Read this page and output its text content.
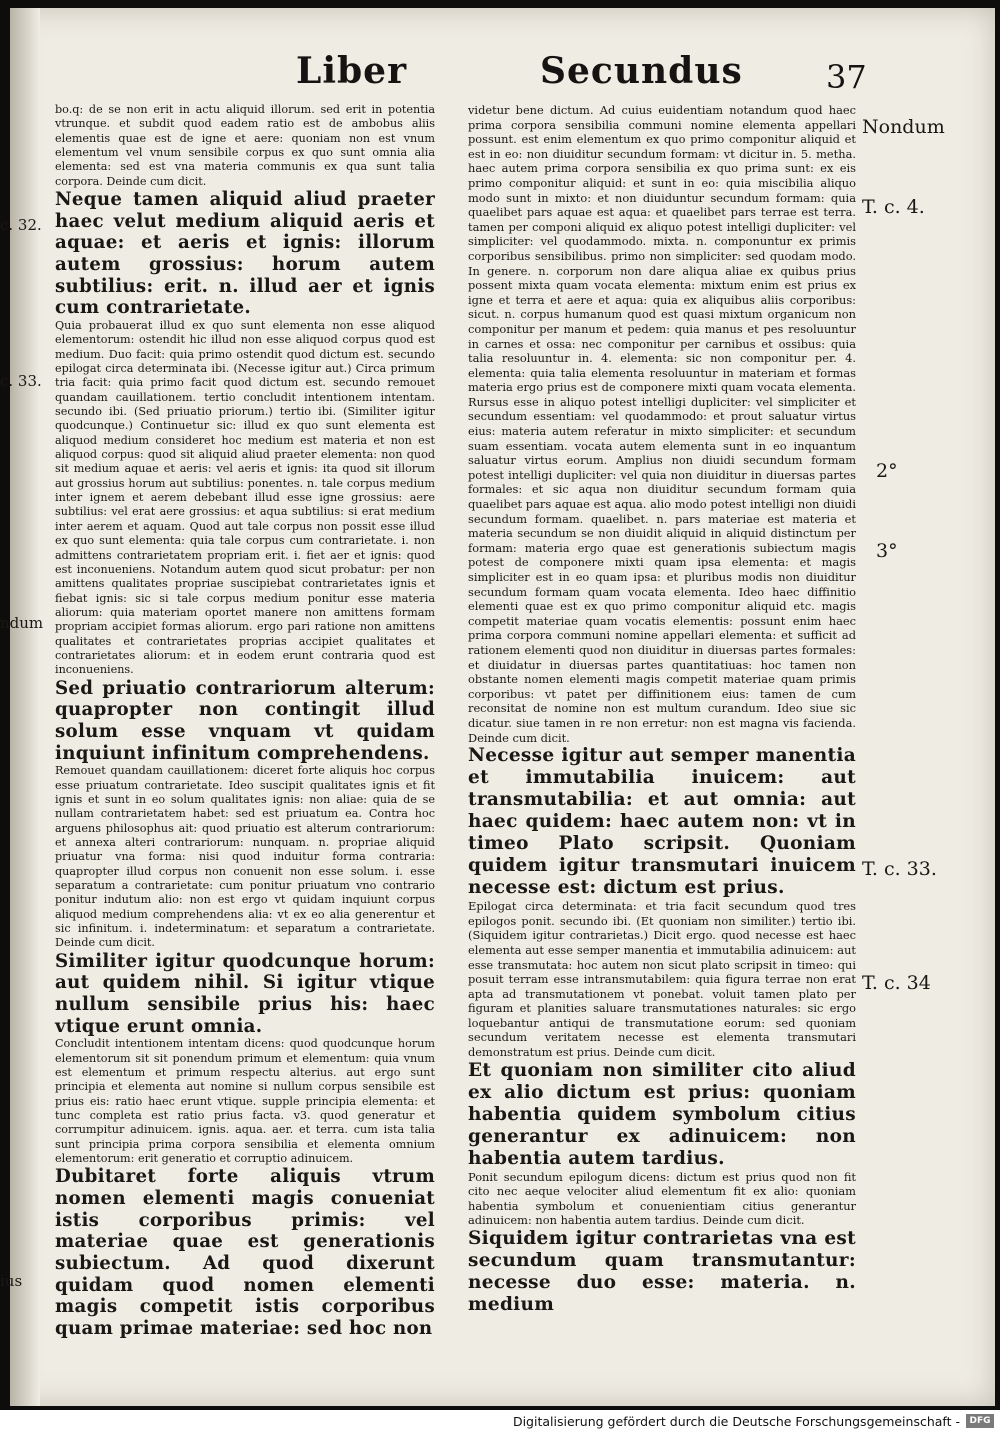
Liber	Secundus	37

bo.q: de se non erit in actu aliquid illorum. sed erit in potentia vtrunque. et subdit quod eadem ratio est de ambobus aliis elementis quae est de igne et aere: quoniam non est vnum elementum vel vnum sensibile corpus ex quo sunt omnia alia elementa: sed est vna materia communis ex qua sunt talia corpora. Deinde cum dicit.

Neque tamen aliquid aliud praeter haec velut medium aliquid aeris et aquae: et aeris et ignis: illorum autem grossius: horum autem subtilius: erit. n. illud aer et ignis cum contrarietate.

Quia probauerat illud ex quo sunt elementa non esse aliquod elementorum: ostendit hic illud non esse aliquod corpus quod est medium. Duo facit: quia primo ostendit quod dictum est. secundo epilogat circa determinata ibi. (Necesse igitur aut.) Circa primum tria facit: quia primo facit quod dictum est. secundo remouet quandam cauillationem. tertio concludit intentionem intentam. secundo ibi. (Sed priuatio priorum.) tertio ibi. (Similiter igitur quodcunque.) Continuetur sic: illud ex quo sunt elementa est aliquod medium consideret hoc medium est materia et non est aliquod corpus: quod sit aliquid aliud praeter elementa: non quod sit medium aquae et aeris: vel aeris et ignis: ita quod sit illorum aut grossius horum aut subtilius: ponentes. n. tale corpus medium inter ignem et aerem debebant illud esse igne grossius: aere subtilius: vel erat aere grossius: et aqua subtilius: si erat medium inter aerem et aquam. Quod aut tale corpus non possit esse illud ex quo sunt elementa: quia tale corpus cum contrarietate. i. non admittens contrarietatem propriam erit. i. fiet aer et ignis: quod est inconueniens. Notandum autem quod sicut probatur: per non amittens qualitates propriae suscipiebat contrarietates ignis et fiebat ignis: sic si tale corpus medium ponitur esse materia aliorum: quia materiam oportet manere non amittens formam propriam accipiet formas aliorum. ergo pari ratione non amittens qualitates et contrarietates proprias accipiet qualitates et contrarietates aliorum: et in eodem erunt contraria quod est inconueniens.

Sed priuatio contrariorum alterum: quapropter non contingit illud solum esse vnquam vt quidam inquiunt infinitum comprehendens.

Remouet quandam cauillationem: diceret forte aliquis hoc corpus esse priuatum contrarietate. Ideo suscipit qualitates ignis et fit ignis et sunt in eo solum qualitates ignis: non aliae: quia de se nullam contrarietatem habet: sed est priuatum ea. Contra hoc arguens philosophus ait: quod priuatio est alterum contrariorum: et annexa alteri contrariorum: nunquam. n. propriae aliquid priuatur vna forma: nisi quod induitur forma contraria: quapropter illud corpus non conuenit non esse solum. i. esse separatum a contrarietate: cum ponitur priuatum vno contrario ponitur indutum alio: non est ergo vt quidam inquiunt corpus aliquod medium comprehendens alia: vt ex eo alia generentur et sic infinitum. i. indeterminatum: et separatum a contrarietate. Deinde cum dicit.

Similiter igitur quodcunque horum: aut quidem nihil. Si igitur vtique nullum sensibile prius his: haec vtique erunt omnia.

Concludit intentionem intentam dicens: quod quodcunque horum elementorum sit sit ponendum primum et elementum: quia vnum est elementum et primum respectu alterius. aut ergo sunt principia et elementa aut nomine si nullum corpus sensibile est prius eis: ratio haec erunt vtique. supple principia elementa: et tunc completa est ratio prius facta. v3. quod generatur et corrumpitur adinuicem. ignis. aqua. aer. et terra. cum ista talia sunt principia prima corpora sensibilia et elementa omnium elementorum: erit generatio et corruptio adinuicem.

Dubitaret forte aliquis vtrum nomen elementi magis conueniat istis corporibus primis: vel materiae quae est generationis subiectum. Ad quod dixerunt quidam quod nomen elementi magis competit istis corporibus quam primae materiae: sed hoc non

videtur bene dictum. Ad cuius euidentiam notandum quod haec prima corpora sensibilia communi nomine elementa appellari possunt. est enim elementum ex quo primo componitur aliquid et est in eo: non diuiditur secundum formam: vt dicitur in. 5. metha. haec autem prima corpora sensibilia ex quo prima sunt: ex eis primo componitur aliquid: et sunt in eo: quia miscibilia aliquo modo sunt in mixto: et non diuiduntur secundum formam: quia quaelibet pars aquae est aqua: et quaelibet pars terrae est terra. tamen per componi aliquid ex aliquo potest intelligi dupliciter: vel simpliciter: vel quodammodo. mixta. n. componuntur ex primis corporibus sensibilibus. primo non simpliciter: sed quodam modo. In genere. n. corporum non dare aliqua aliae ex quibus prius possent mixta quam vocata elementa: mixtum enim est prius ex igne et terra et aere et aqua: quia ex aliquibus aliis corporibus: sicut. n. corpus humanum quod est quasi mixtum organicum non componitur per manum et pedem: quia manus et pes resoluuntur in carnes et ossa: nec componitur per carnibus et ossibus: quia talia resoluuntur in. 4. elementa: sic non componitur per. 4. elementa: quia talia elementa resoluuntur in materiam et formas materia ergo prius est de componere mixti quam vocata elementa. Rursus esse in aliquo potest intelligi dupliciter: vel simpliciter et secundum essentiam: vel quodammodo: et prout saluatur virtus eius: materia autem referatur in mixto simpliciter: et secundum suam essentiam. vocata autem elementa sunt in eo inquantum saluatur virtus eorum. Amplius non diuidi secundum formam potest intelligi dupliciter: vel quia non diuiditur in diuersas partes formales: et sic aqua non diuiditur secundum formam quia quaelibet pars aquae est aqua. alio modo potest intelligi non diuidi secundum formam. quaelibet. n. pars materiae est materia et materia secundum se non diuidit aliquid in aliquid distinctum per formam: materia ergo quae est generationis subiectum magis potest de componere mixti quam ipsa elementa: et magis simpliciter est in eo quam ipsa: et pluribus modis non diuiditur secundum formam quam vocata elementa. Ideo haec diffinitio elementi quae est ex quo primo componitur aliquid etc. magis competit materiae quam vocatis elementis: possunt enim haec prima corpora communi nomine appellari elementa: et sufficit ad rationem elementi quod non diuiditur in diuersas partes formales: et diuidatur in diuersas partes quantitatiuas: hoc tamen non obstante nomen elementi magis competit materiae quam primis corporibus: vt patet per diffinitionem eius: tamen de cum reconsitat de nomine non est multum curandum. Ideo siue sic dicatur. siue tamen in re non erretur: non est magna vis facienda. Deinde cum dicit.

Necesse igitur aut semper manentia et immutabilia inuicem: aut transmutabilia: et aut omnia: aut haec quidem: haec autem non: vt in timeo Plato scripsit. Quoniam quidem igitur transmutari inuicem necesse est: dictum est prius.

Epilogat circa determinata: et tria facit secundum quod tres epilogos ponit. secundo ibi. (Et quoniam non similiter.) tertio ibi. (Siquidem igitur contrarietas.) Dicit ergo. quod necesse est haec elementa aut esse semper manentia et immutabilia adinuicem: aut esse transmutata: hoc autem non sicut plato scripsit in timeo: qui posuit terram esse intransmutabilem: quia figura terrae non erat apta ad transmutationem vt ponebat. voluit tamen plato per figuram et planities saluare transmutationes naturales: sic ergo loquebantur antiqui de transmutatione eorum: sed quoniam secundum veritatem necesse est elementa transmutari demonstratum est prius. Deinde cum dicit.

Et quoniam non similiter cito aliud ex alio dictum est prius: quoniam habentia quidem symbolum citius generantur ex adinuicem: non habentia autem tardius.

Ponit secundum epilogum dicens: dictum est prius quod non fit cito nec aeque velociter aliud elementum fit ex alio: quoniam habentia symbolum et conuenientiam citius generantur adinuicem: non habentia autem tardius. Deinde cum dicit.

Siquidem igitur contrarietas vna est secundum quam transmutantur: necesse duo esse: materia. n. medium

Nondum
T. c. 4.
2°
3°
T. c. 33.
T. c. 34
c. 32.
c. 33.
ndum
ius
Digitalisierung gefördert durch die Deutsche Forschungsgemeinschaft -	DFG
